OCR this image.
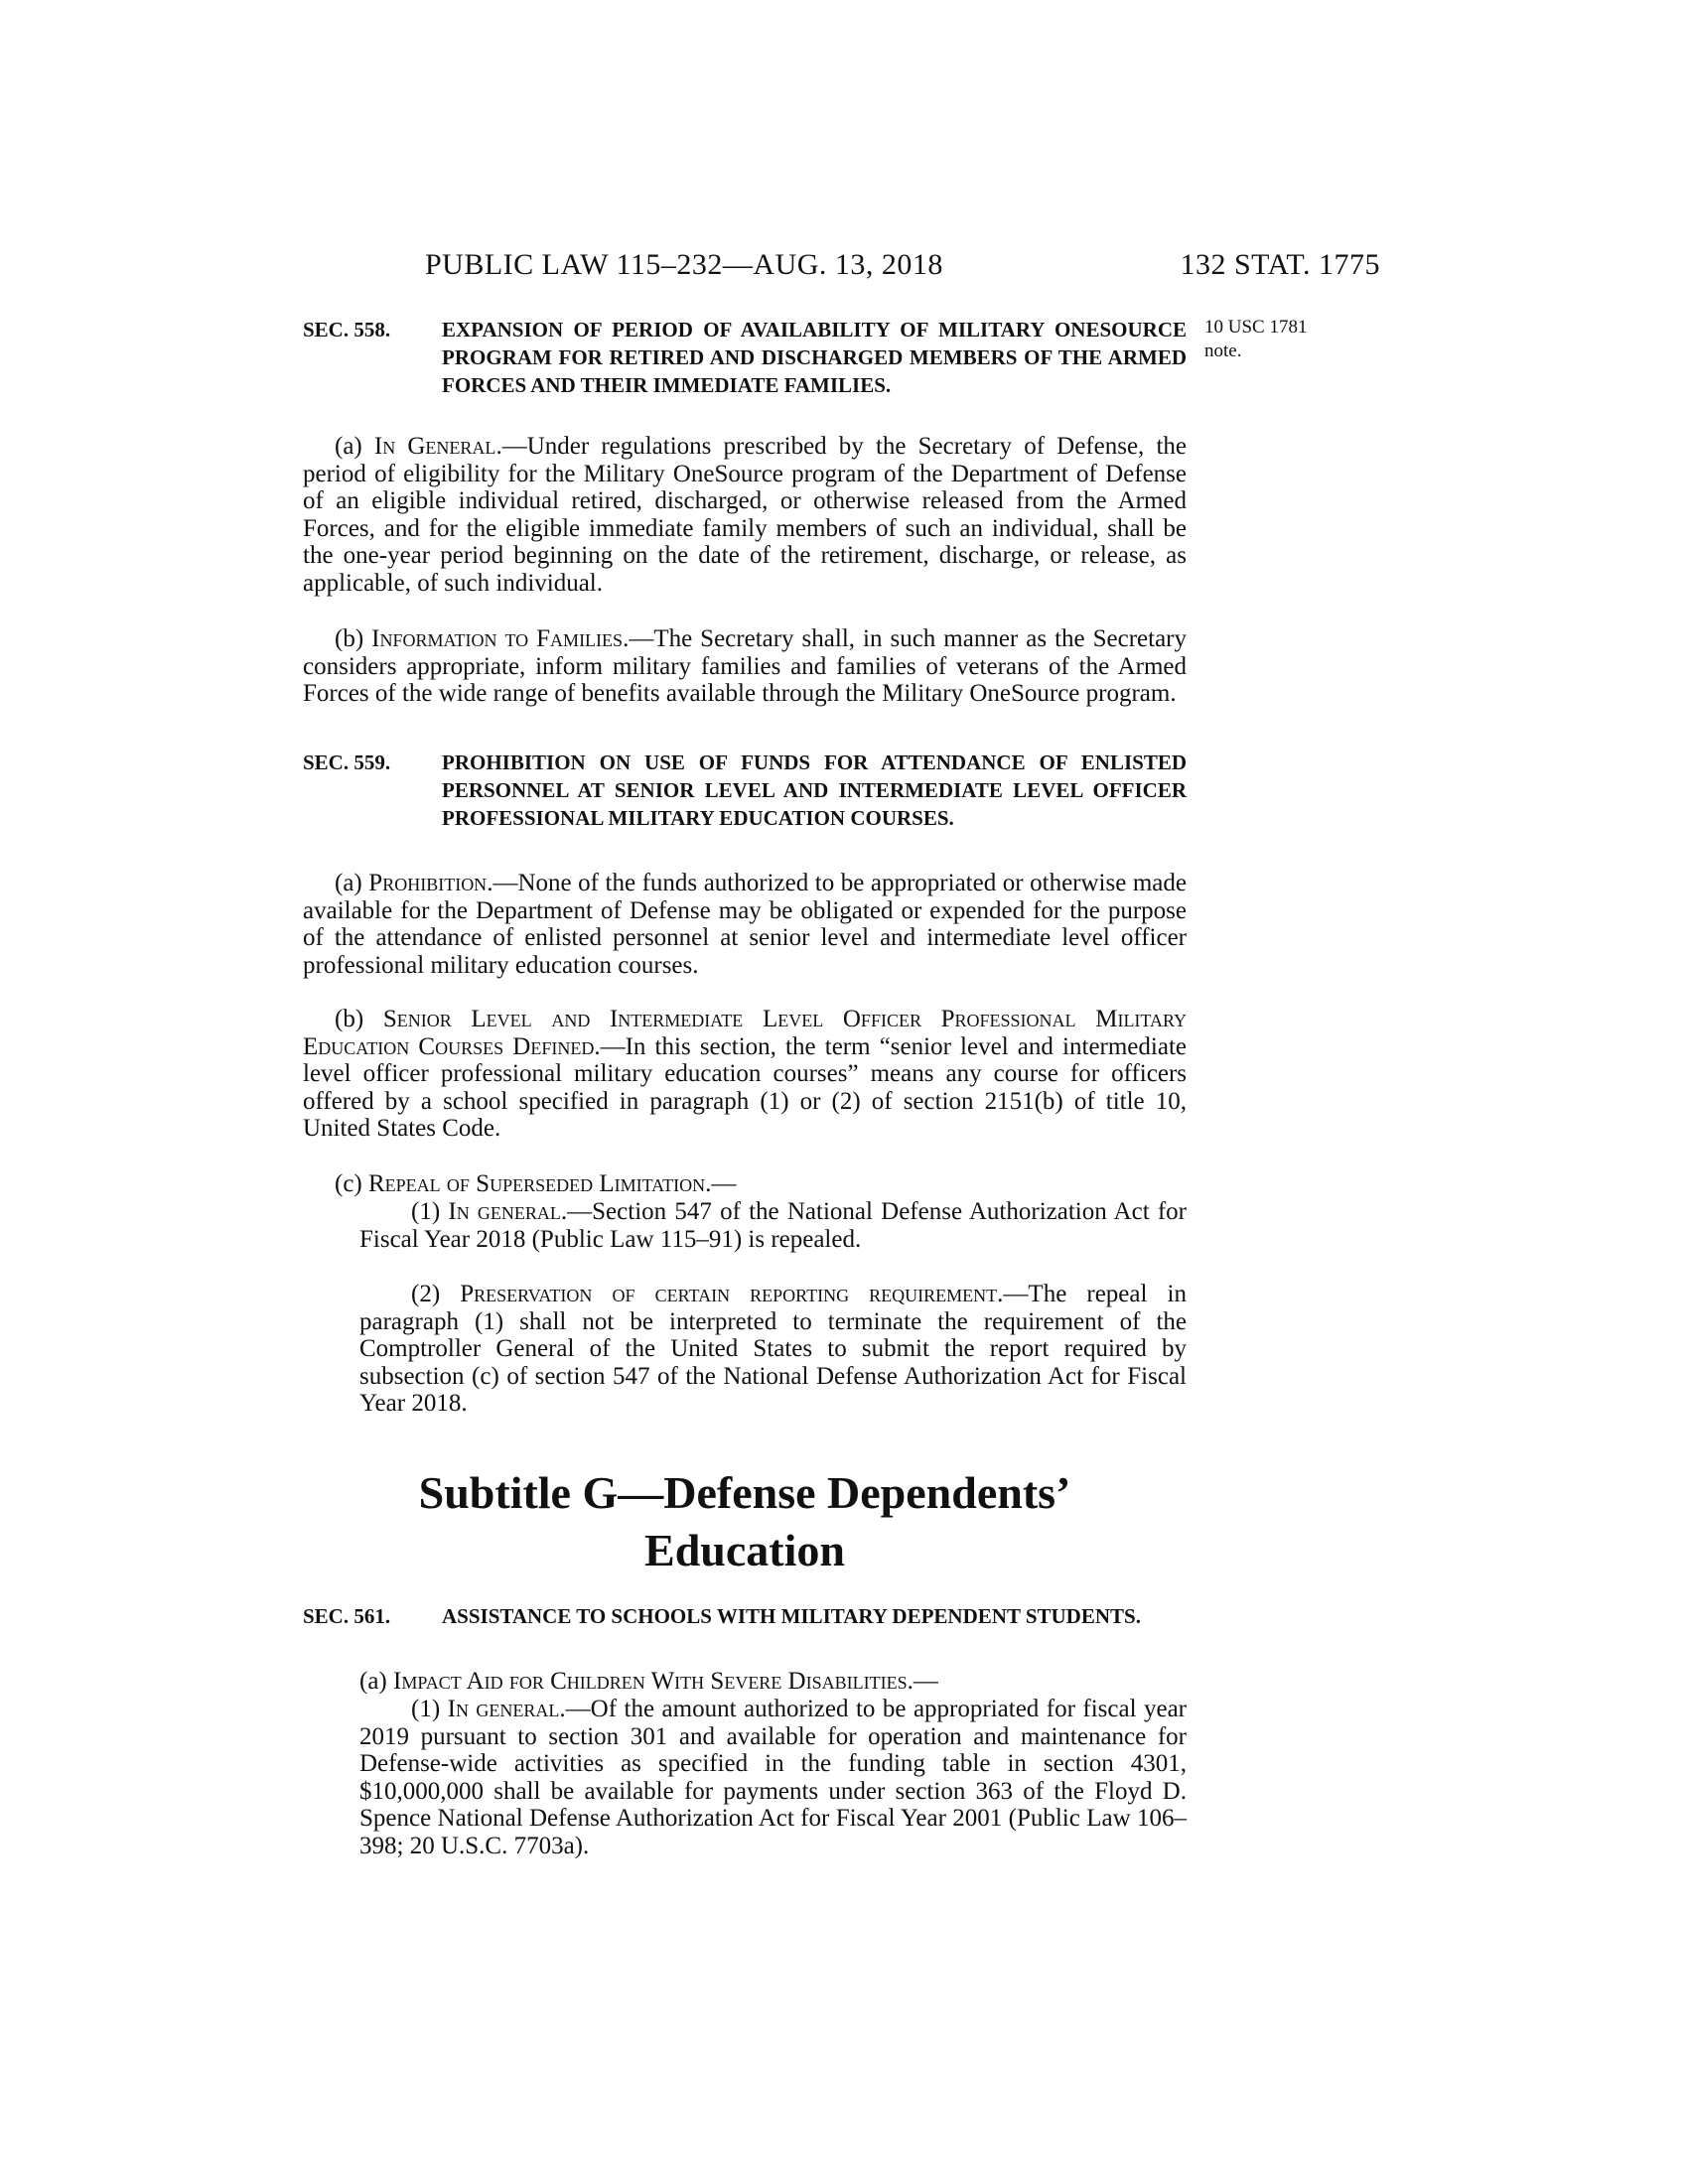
PUBLIC LAW 115–232—AUG. 13, 2018	132 STAT. 1775
10 USC 1781
note.
SEC. 558. EXPANSION OF PERIOD OF AVAILABILITY OF MILITARY ONESOURCE PROGRAM FOR RETIRED AND DISCHARGED MEMBERS OF THE ARMED FORCES AND THEIR IMMEDIATE FAMILIES.
(a) In General.—Under regulations prescribed by the Secretary of Defense, the period of eligibility for the Military OneSource program of the Department of Defense of an eligible individual retired, discharged, or otherwise released from the Armed Forces, and for the eligible immediate family members of such an individual, shall be the one-year period beginning on the date of the retirement, discharge, or release, as applicable, of such individual.
(b) Information to Families.—The Secretary shall, in such manner as the Secretary considers appropriate, inform military families and families of veterans of the Armed Forces of the wide range of benefits available through the Military OneSource program.
SEC. 559. PROHIBITION ON USE OF FUNDS FOR ATTENDANCE OF ENLISTED PERSONNEL AT SENIOR LEVEL AND INTERMEDIATE LEVEL OFFICER PROFESSIONAL MILITARY EDUCATION COURSES.
(a) Prohibition.—None of the funds authorized to be appropriated or otherwise made available for the Department of Defense may be obligated or expended for the purpose of the attendance of enlisted personnel at senior level and intermediate level officer professional military education courses.
(b) Senior Level and Intermediate Level Officer Professional Military Education Courses Defined.—In this section, the term “senior level and intermediate level officer professional military education courses” means any course for officers offered by a school specified in paragraph (1) or (2) of section 2151(b) of title 10, United States Code.
(c) Repeal of Superseded Limitation.—
(1) In general.—Section 547 of the National Defense Authorization Act for Fiscal Year 2018 (Public Law 115–91) is repealed.
(2) Preservation of certain reporting requirement.—The repeal in paragraph (1) shall not be interpreted to terminate the requirement of the Comptroller General of the United States to submit the report required by subsection (c) of section 547 of the National Defense Authorization Act for Fiscal Year 2018.
Subtitle G—Defense Dependents’
Education
SEC. 561. ASSISTANCE TO SCHOOLS WITH MILITARY DEPENDENT STUDENTS.
(a) Impact Aid for Children With Severe Disabilities.—
(1) In general.—Of the amount authorized to be appropriated for fiscal year 2019 pursuant to section 301 and available for operation and maintenance for Defense-wide activities as specified in the funding table in section 4301, $10,000,000 shall be available for payments under section 363 of the Floyd D. Spence National Defense Authorization Act for Fiscal Year 2001 (Public Law 106–398; 20 U.S.C. 7703a).
